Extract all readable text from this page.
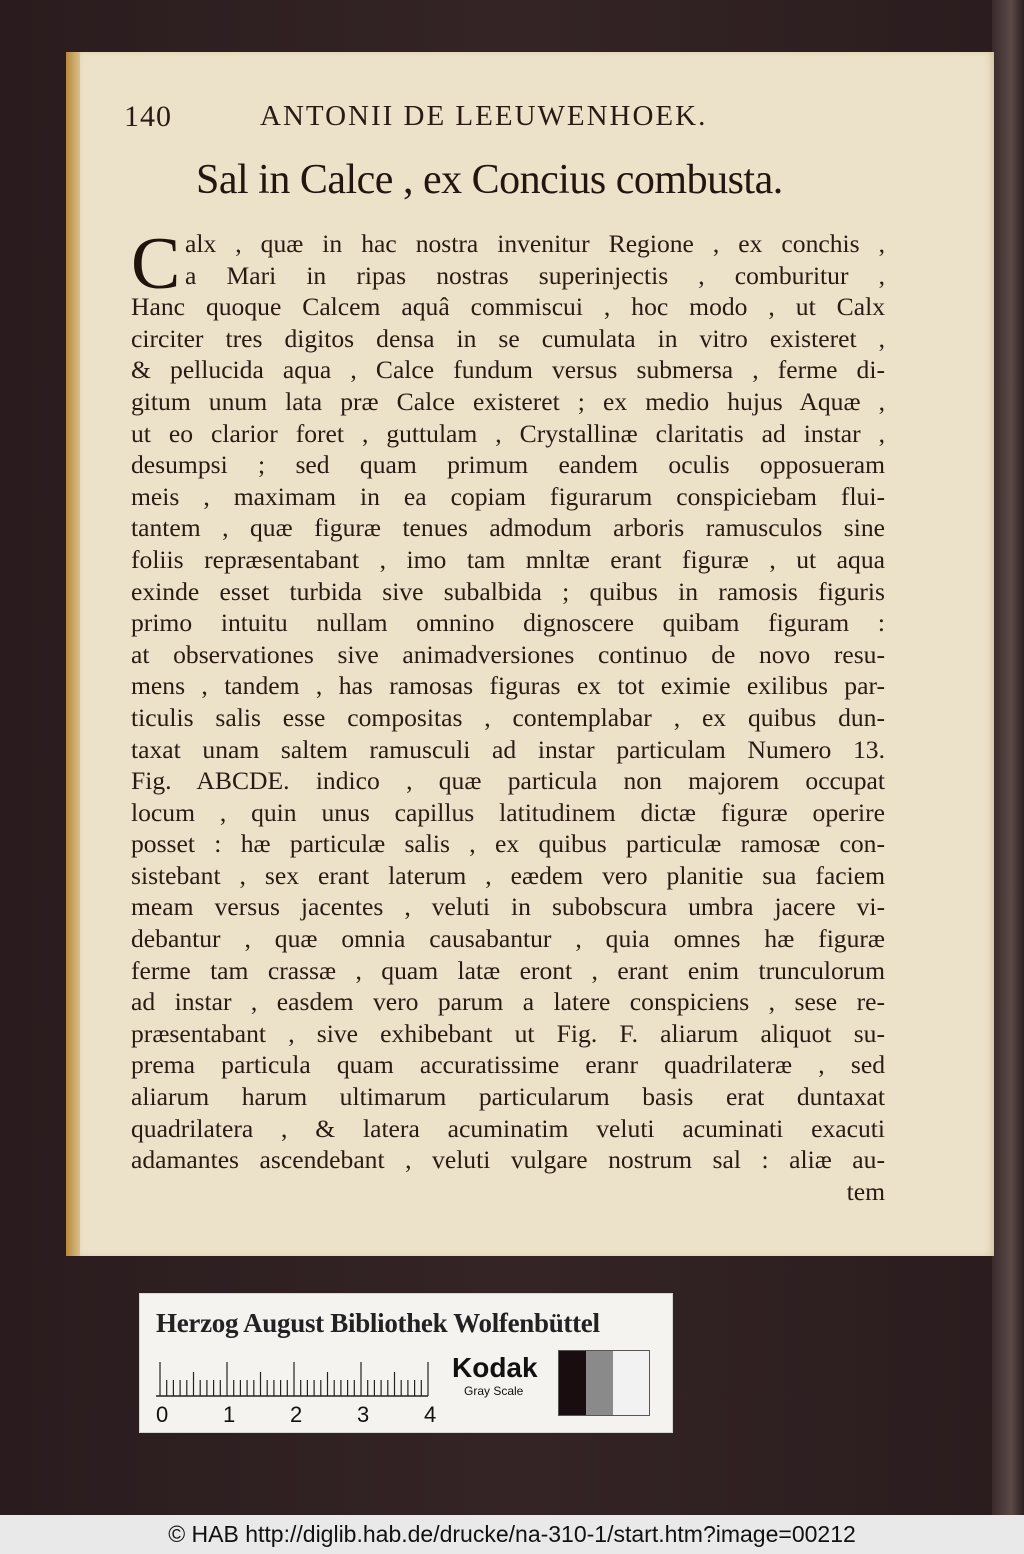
140	ANTONII DE LEEUWENHOEK.
Sal in Calce , ex Concius combusta.
C alx , quæ in hac nostra invenitur Regione , ex conchis ,
a Mari in ripas nostras superinjectis , comburitur ,
Hanc quoque Calcem aquâ commiscui , hoc modo , ut Calx
circiter tres digitos densa in se cumulata in vitro existeret ,
& pellucida aqua , Calce fundum versus submersa , ferme di-
gitum unum lata præ Calce existeret ; ex medio hujus Aquæ ,
ut eo clarior foret , guttulam , Crystallinæ claritatis ad instar ,
desumpsi ; sed quam primum eandem oculis opposueram
meis , maximam in ea copiam figurarum conspiciebam flui-
tantem , quæ figuræ tenues admodum arboris ramusculos sine
foliis repræsentabant , imo tam mnltæ erant figuræ , ut aqua
exinde esset turbida sive subalbida ; quibus in ramosis figuris
primo intuitu nullam omnino dignoscere quibam figuram :
at observationes sive animadversiones continuo de novo resu-
mens , tandem , has ramosas figuras ex tot eximie exilibus par-
ticulis salis esse compositas , contemplabar , ex quibus dun-
taxat unam saltem ramusculi ad instar particulam Numero 13.
Fig. ABCDE. indico , quæ particula non majorem occupat
locum , quin unus capillus latitudinem dictæ figuræ operire
posset : hæ particulæ salis , ex quibus particulæ ramosæ con-
sistebant , sex erant laterum , eædem vero planitie sua faciem
meam versus jacentes , veluti in subobscura umbra jacere vi-
debantur , quæ omnia causabantur , quia omnes hæ figuræ
ferme tam crassæ , quam latæ eront , erant enim trunculorum
ad instar , easdem vero parum a latere conspiciens , sese re-
præsentabant , sive exhibebant ut Fig. F. aliarum aliquot su-
prema particula quam accuratissime eranr quadrilateræ , sed
aliarum harum ultimarum particularum basis erat duntaxat
quadrilatera , & latera acuminatim veluti acuminati exacuti
adamantes ascendebant , veluti vulgare nostrum sal : aliæ au-
tem
Herzog August Bibliothek Wolfenbüttel
0 1 2 3 4
Kodak
Gray Scale
© HAB http://diglib.hab.de/drucke/na-310-1/start.htm?image=00212
